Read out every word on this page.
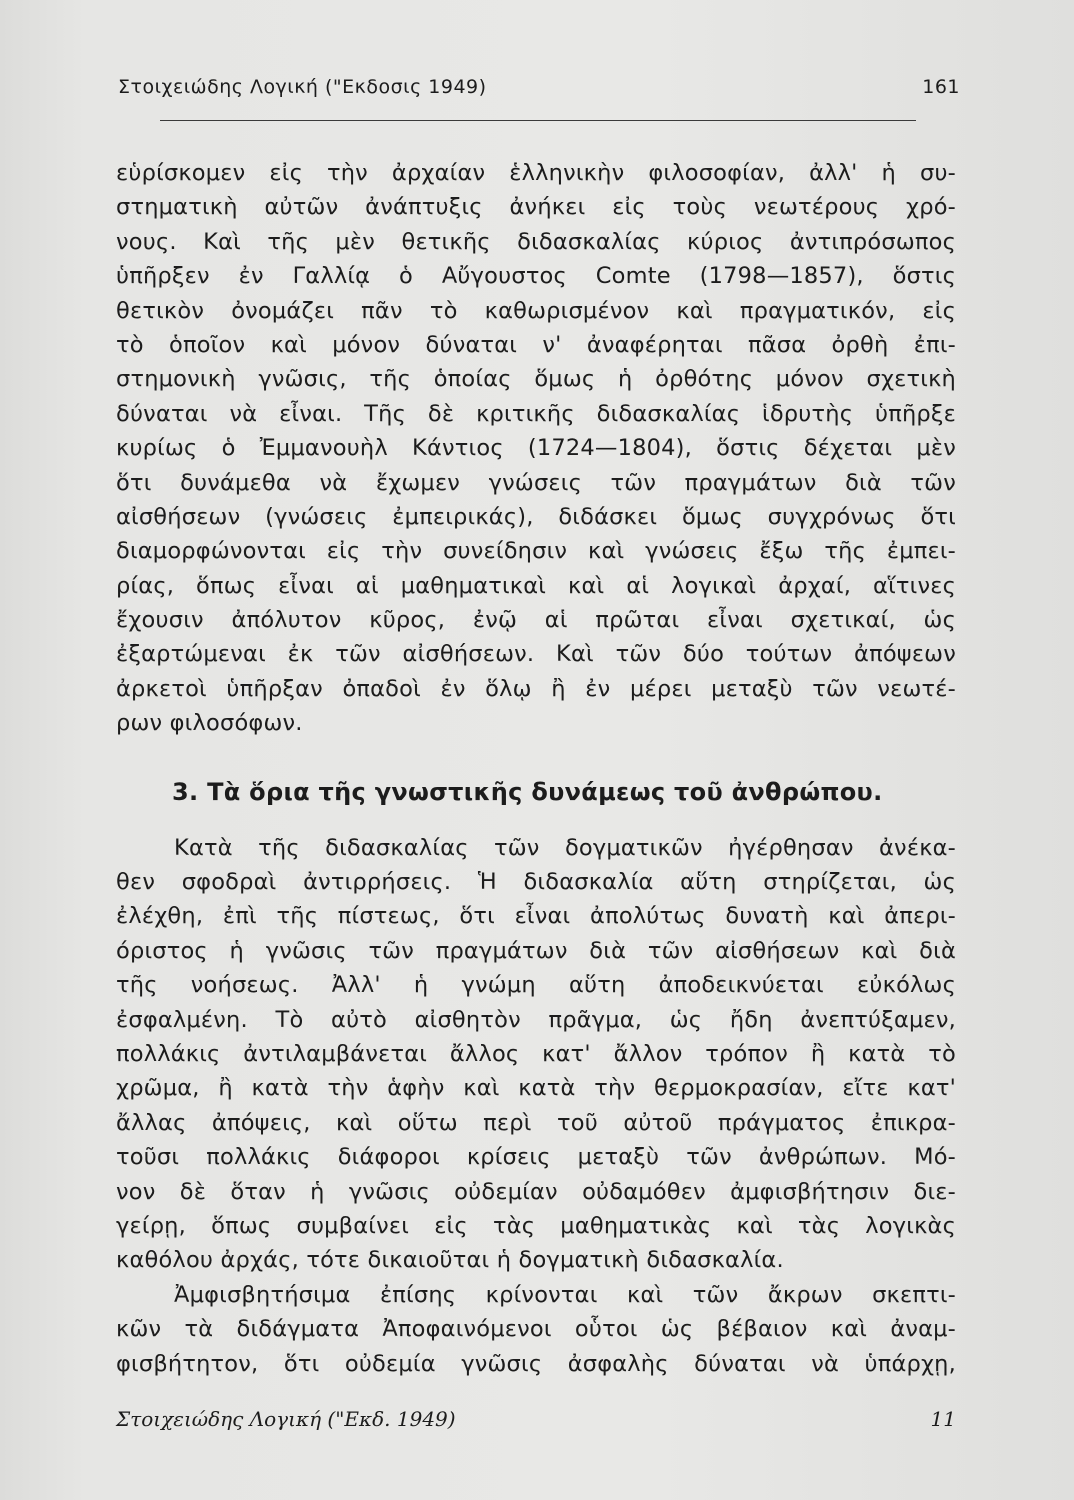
Στοιχειώδης Λογική ("Εκδοσις 1949)	161
εὑρίσκομεν εἰς τὴν ἀρχαίαν ἑλληνικὴν φιλοσοφίαν, ἀλλ' ἡ συ-
στηματικὴ αὐτῶν ἀνάπτυξις ἀνήκει εἰς τοὺς νεωτέρους χρό-
νους. Καὶ τῆς μὲν θετικῆς διδασκαλίας κύριος ἀντιπρόσωπος
ὑπῆρξεν ἐν Γαλλίᾳ ὁ Αὔγουστος Comte (1798—1857), ὅστις
θετικὸν ὀνομάζει πᾶν τὸ καθωρισμένον καὶ πραγματικόν, εἰς
τὸ ὁποῖον καὶ μόνον δύναται ν' ἀναφέρηται πᾶσα ὀρθὴ ἐπι-
στημονικὴ γνῶσις, τῆς ὁποίας ὅμως ἡ ὀρθότης μόνον σχετικὴ
δύναται νὰ εἶναι. Τῆς δὲ κριτικῆς διδασκαλίας ἱδρυτὴς ὑπῆρξε
κυρίως ὁ Ἐμμανουὴλ Κάντιος (1724—1804), ὅστις δέχεται μὲν
ὅτι δυνάμεθα νὰ ἔχωμεν γνώσεις τῶν πραγμάτων διὰ τῶν
αἰσθήσεων (γνώσεις ἐμπειρικάς), διδάσκει ὅμως συγχρόνως ὅτι
διαμορφώνονται εἰς τὴν συνείδησιν καὶ γνώσεις ἔξω τῆς ἐμπει-
ρίας, ὅπως εἶναι αἱ μαθηματικαὶ καὶ αἱ λογικαὶ ἀρχαί, αἵτινες
ἔχουσιν ἀπόλυτον κῦρος, ἐνῷ αἱ πρῶται εἶναι σχετικαί, ὡς
ἐξαρτώμεναι ἐκ τῶν αἰσθήσεων. Καὶ τῶν δύο τούτων ἀπόψεων
ἀρκετοὶ ὑπῆρξαν ὀπαδοὶ ἐν ὅλῳ ἢ ἐν μέρει μεταξὺ τῶν νεωτέ-
ρων φιλοσόφων.
3. Τὰ ὅρια τῆς γνωστικῆς δυνάμεως τοῦ ἀνθρώπου.
Κατὰ τῆς διδασκαλίας τῶν δογματικῶν ἠγέρθησαν ἀνέκα-
θεν σφοδραὶ ἀντιρρήσεις. Ἡ διδασκαλία αὕτη στηρίζεται, ὡς
ἐλέχθη, ἐπὶ τῆς πίστεως, ὅτι εἶναι ἀπολύτως δυνατὴ καὶ ἀπερι-
όριστος ἡ γνῶσις τῶν πραγμάτων διὰ τῶν αἰσθήσεων καὶ διὰ
τῆς νοήσεως. Ἀλλ' ἡ γνώμη αὕτη ἀποδεικνύεται εὐκόλως
ἐσφαλμένη. Τὸ αὐτὸ αἰσθητὸν πρᾶγμα, ὡς ἤδη ἀνεπτύξαμεν,
πολλάκις ἀντιλαμβάνεται ἄλλος κατ' ἄλλον τρόπον ἢ κατὰ τὸ
χρῶμα, ἢ κατὰ τὴν ἁφὴν καὶ κατὰ τὴν θερμοκρασίαν, εἴτε κατ'
ἄλλας ἀπόψεις, καὶ οὕτω περὶ τοῦ αὐτοῦ πράγματος ἐπικρα-
τοῦσι πολλάκις διάφοροι κρίσεις μεταξὺ τῶν ἀνθρώπων. Μό-
νον δὲ ὅταν ἡ γνῶσις οὐδεμίαν οὐδαμόθεν ἀμφισβήτησιν διε-
γείρῃ, ὅπως συμβαίνει εἰς τὰς μαθηματικὰς καὶ τὰς λογικὰς
καθόλου ἀρχάς, τότε δικαιοῦται ἡ δογματικὴ διδασκαλία.
Ἀμφισβητήσιμα ἐπίσης κρίνονται καὶ τῶν ἄκρων σκεπτι-
κῶν τὰ διδάγματα Ἀποφαινόμενοι οὗτοι ὡς βέβαιον καὶ ἀναμ-
φισβήτητον, ὅτι οὐδεμία γνῶσις ἀσφαλὴς δύναται νὰ ὑπάρχῃ,
Στοιχειώδης Λογική ("Εκδ. 1949)	11
